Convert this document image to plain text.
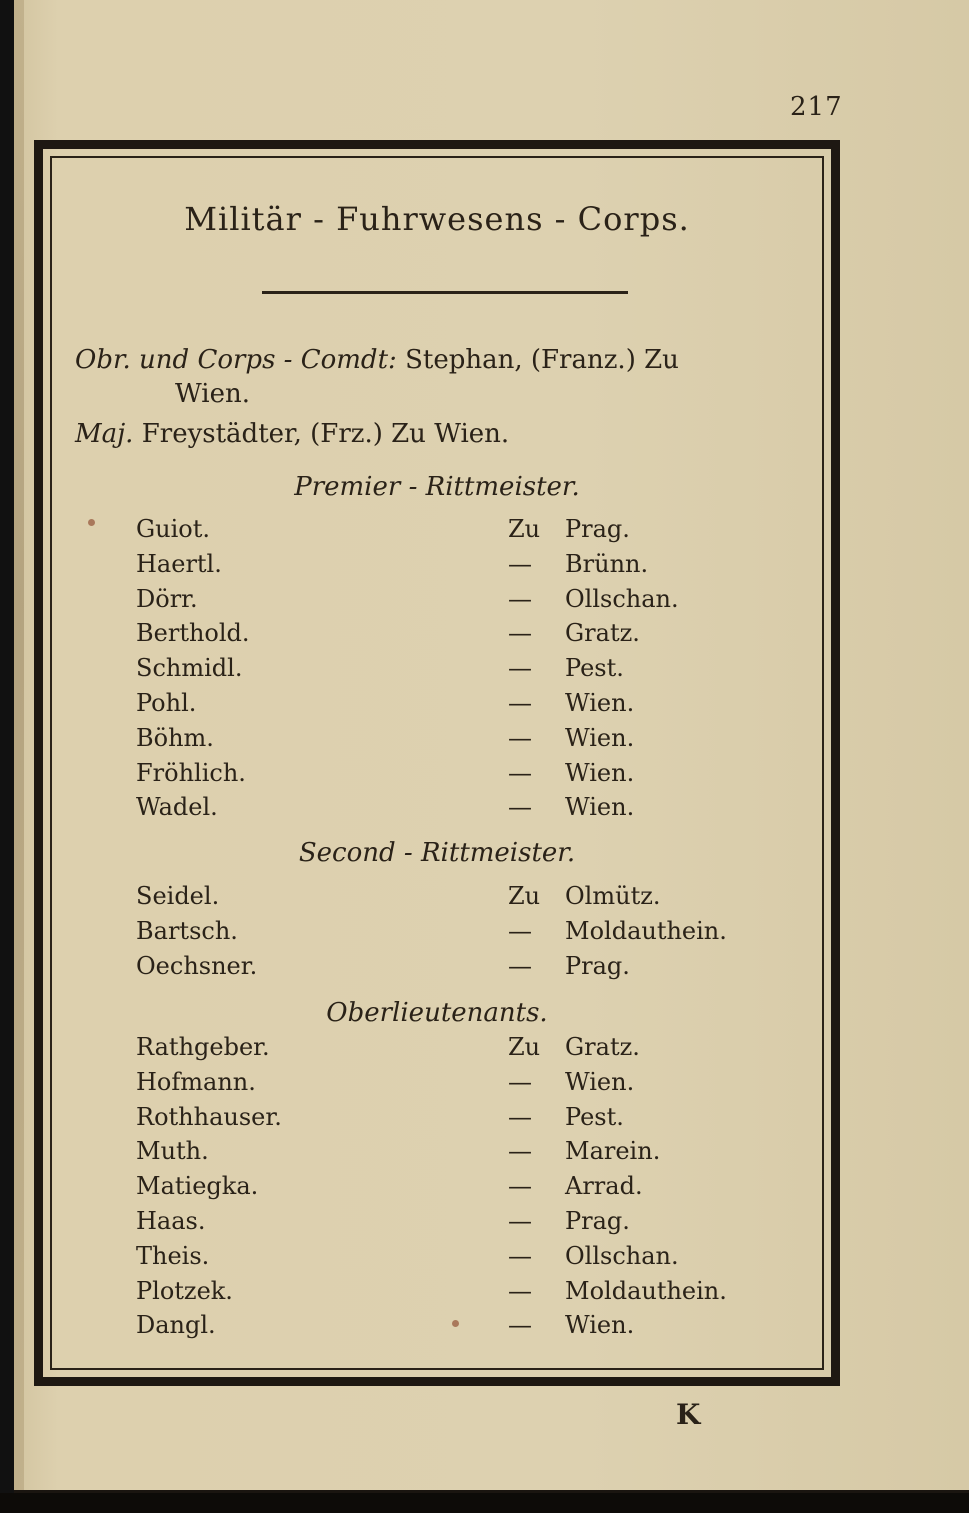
217
Militär - Fuhrwesens - Corps.
Obr. und Corps - Comdt: Stephan, (Franz.) Zu
Wien.
Maj. Freystädter, (Frz.) Zu Wien.
Premier - Rittmeister.
Guiot.	Zu Prag.
Haertl.	— Brünn.
Dörr.	— Ollschan.
Berthold.	— Gratz.
Schmidl.	— Pest.
Pohl.	— Wien.
Böhm.	— Wien.
Fröhlich.	— Wien.
Wadel.	— Wien.
Second - Rittmeister.
Seidel.	Zu Olmütz.
Bartsch.	— Moldauthein.
Oechsner.	— Prag.
Oberlieutenants.
Rathgeber.	Zu Gratz.
Hofmann.	— Wien.
Rothhauser.	— Pest.
Muth.	— Marein.
Matiegka.	— Arrad.
Haas.	— Prag.
Theis.	— Ollschan.
Plotzek.	— Moldauthein.
Dangl.	— Wien.
K
